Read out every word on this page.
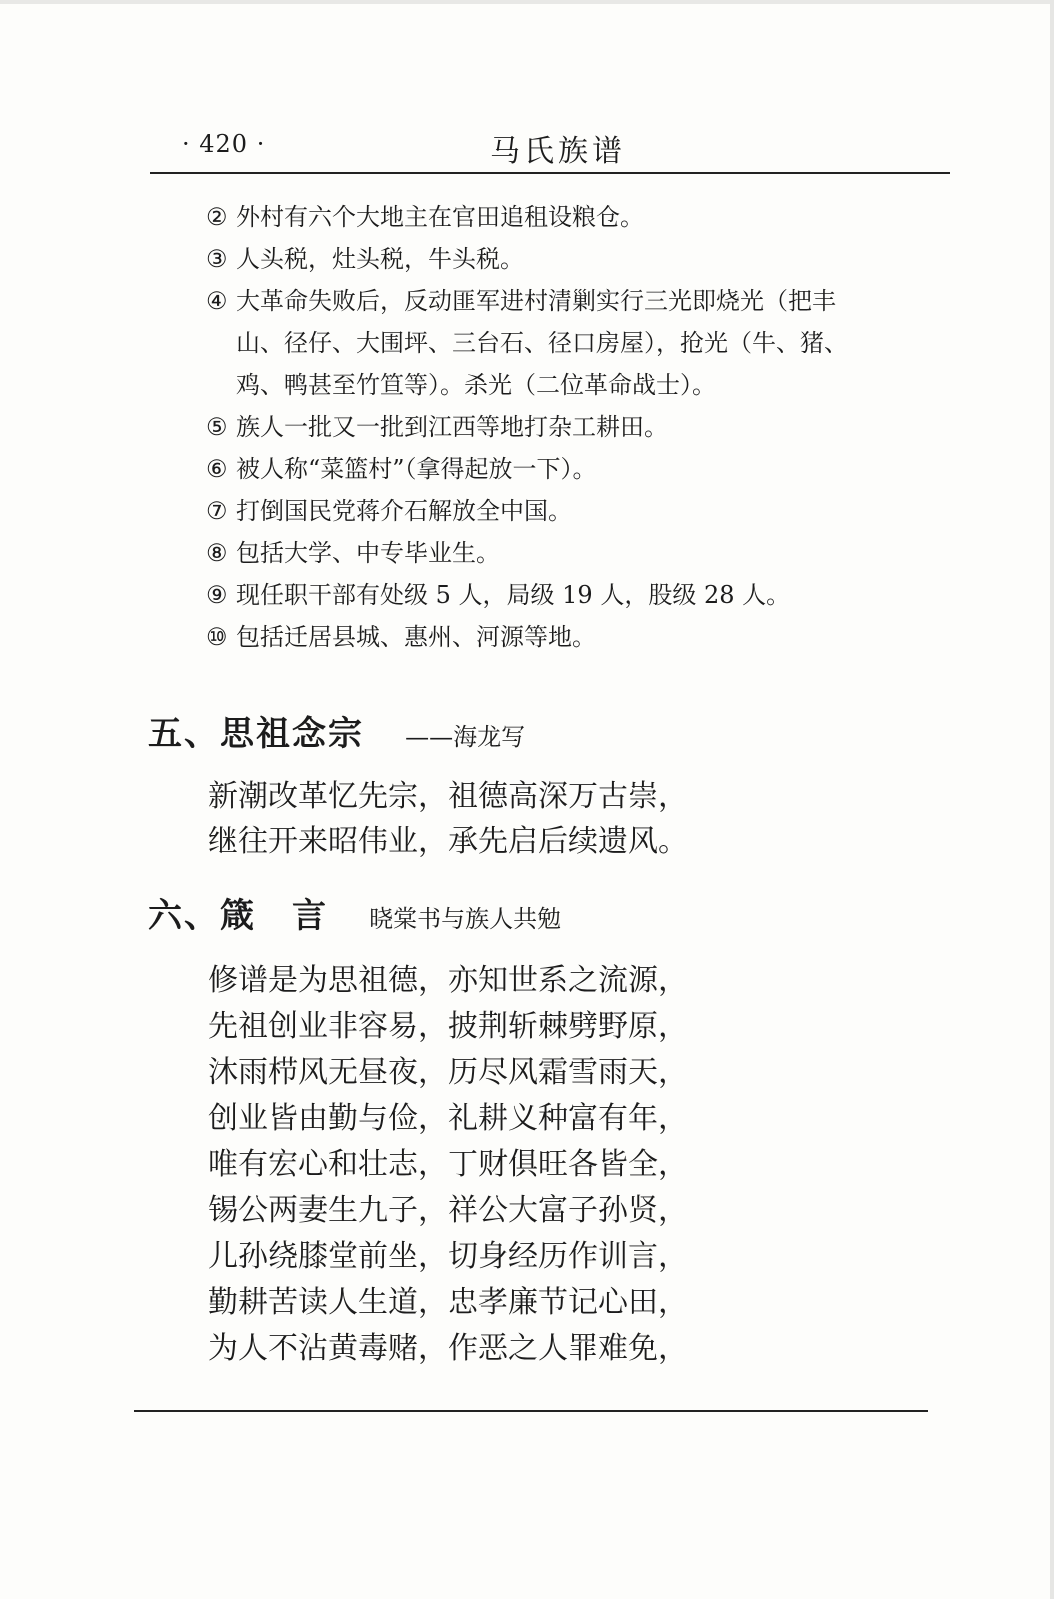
· 420 ·	马氏族谱
② 外村有六个大地主在官田追租设粮仓。
③ 人头税，灶头税，牛头税。
④ 大革命失败后，反动匪军进村清剿实行三光即烧光（把丰
山、径仔、大围坪、三台石、径口房屋），抢光（牛、猪、
鸡、鸭甚至竹笪等）。杀光（二位革命战士）。
⑤ 族人一批又一批到江西等地打杂工耕田。
⑥ 被人称“菜篮村”（拿得起放一下）。
⑦ 打倒国民党蒋介石解放全中国。
⑧ 包括大学、中专毕业生。
⑨ 现任职干部有处级 5 人，局级 19 人，股级 28 人。
⑩ 包括迁居县城、惠州、河源等地。
五、思祖念宗 ——海龙写
新潮改革忆先宗，祖德高深万古崇，
继往开来昭伟业，承先启后续遗风。
六、箴　言 晓棠书与族人共勉
修谱是为思祖德，亦知世系之流源，
先祖创业非容易，披荆斩棘劈野原，
沐雨栉风无昼夜，历尽风霜雪雨天，
创业皆由勤与俭，礼耕义种富有年，
唯有宏心和壮志，丁财俱旺各皆全，
锡公两妻生九子，祥公大富子孙贤，
儿孙绕膝堂前坐，切身经历作训言，
勤耕苦读人生道，忠孝廉节记心田，
为人不沾黄毒赌，作恶之人罪难免，
